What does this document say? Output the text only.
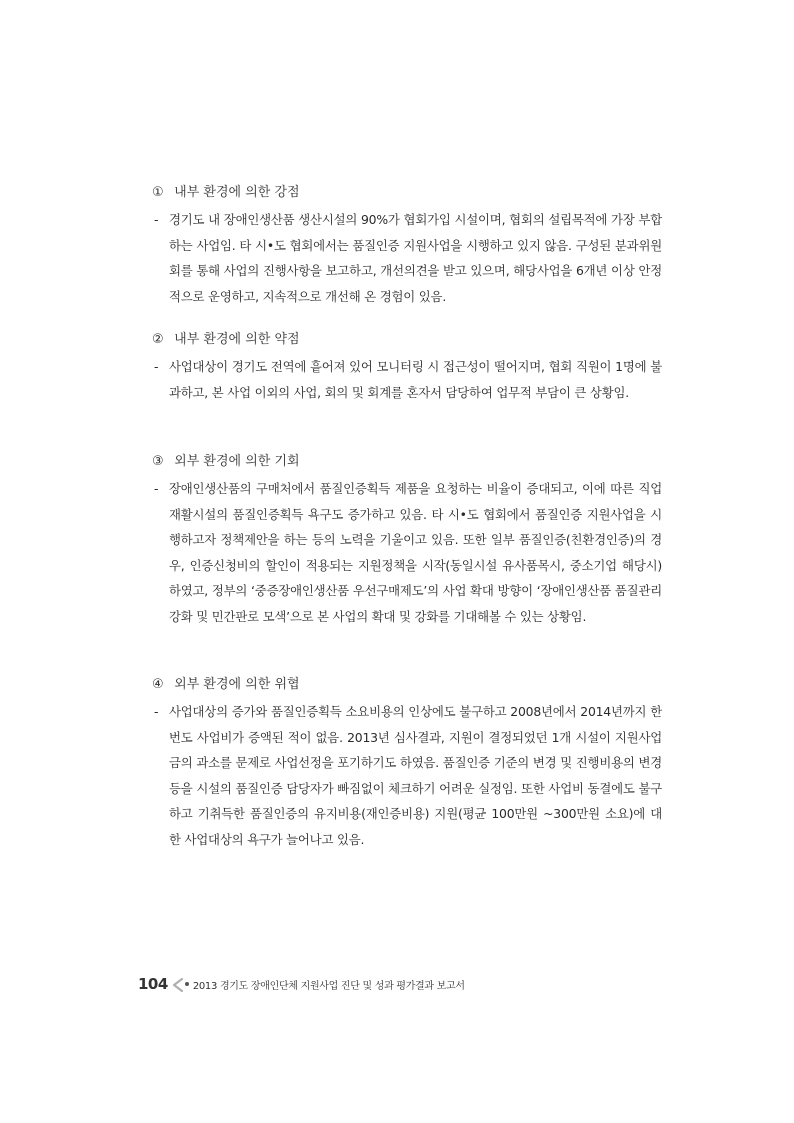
① 내부 환경에 의한 강점
- 경기도 내 장애인생산품 생산시설의 90%가 협회가입 시설이며, 협회의 설립목적에 가장 부합하는 사업임. 타 시•도 협회에서는 품질인증 지원사업을 시행하고 있지 않음. 구성된 분과위원회를 통해 사업의 진행사항을 보고하고, 개선의견을 받고 있으며, 해당사업을 6개년 이상 안정적으로 운영하고, 지속적으로 개선해 온 경험이 있음.
② 내부 환경에 의한 약점
- 사업대상이 경기도 전역에 흩어져 있어 모니터링 시 접근성이 떨어지며, 협회 직원이 1명에 불과하고, 본 사업 이외의 사업, 회의 및 회계를 혼자서 담당하여 업무적 부담이 큰 상황임.
③ 외부 환경에 의한 기회
- 장애인생산품의 구매처에서 품질인증획득 제품을 요청하는 비율이 증대되고, 이에 따른 직업재활시설의 품질인증획득 욕구도 증가하고 있음. 타 시•도 협회에서 품질인증 지원사업을 시행하고자 정책제안을 하는 등의 노력을 기울이고 있음. 또한 일부 품질인증(친환경인증)의 경우, 인증신청비의 할인이 적용되는 지원정책을 시작(동일시설 유사품목시, 중소기업 해당시)하였고, 정부의 ‘중증장애인생산품 우선구매제도’의 사업 확대 방향이 ‘장애인생산품 품질관리강화 및 민간판로 모색’으로 본 사업의 확대 및 강화를 기대해볼 수 있는 상황임.
④ 외부 환경에 의한 위협
- 사업대상의 증가와 품질인증획득 소요비용의 인상에도 불구하고 2008년에서 2014년까지 한 번도 사업비가 증액된 적이 없음. 2013년 심사결과, 지원이 결정되었던 1개 시설이 지원사업금의 과소를 문제로 사업선정을 포기하기도 하였음. 품질인증 기준의 변경 및 진행비용의 변경 등을 시설의 품질인증 담당자가 빠짐없이 체크하기 어려운 실정임. 또한 사업비 동결에도 불구하고 기취득한 품질인증의 유지비용(재인증비용) 지원(평균 100만원 ~300만원 소요)에 대한 사업대상의 욕구가 늘어나고 있음.
104	2013 경기도 장애인단체 지원사업 진단 및 성과 평가결과 보고서
